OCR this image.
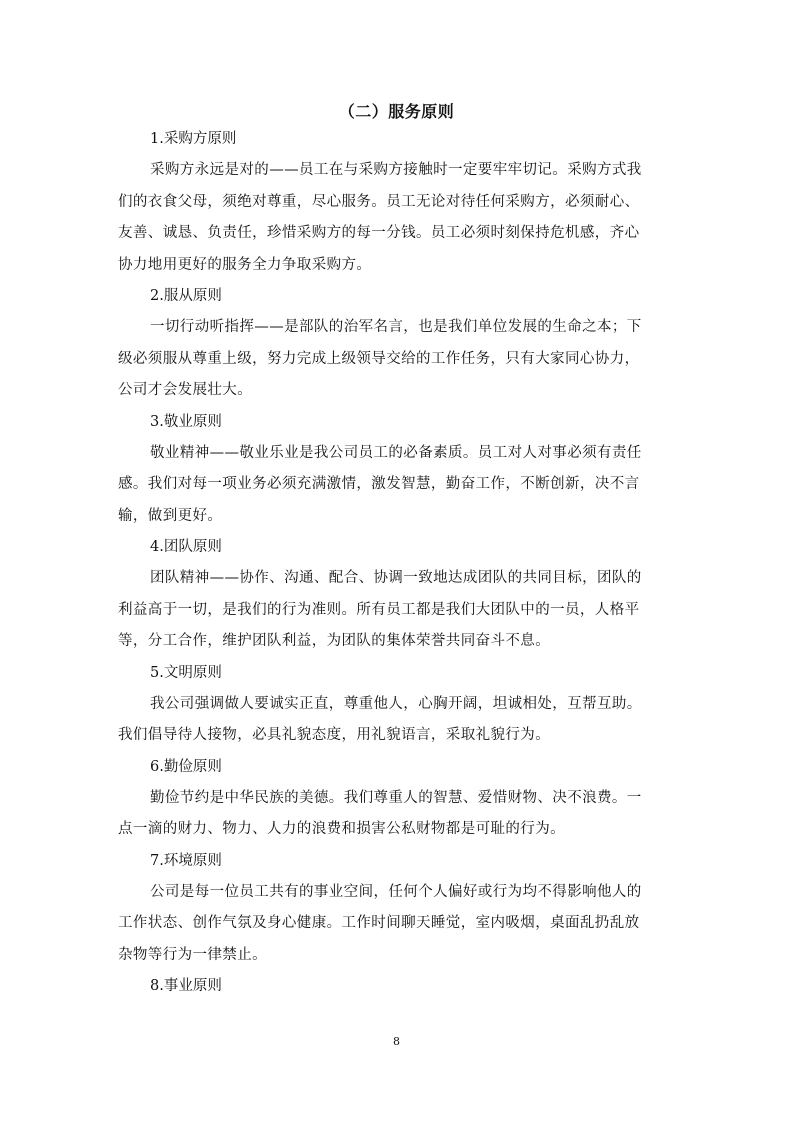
（二）服务原则

1.采购方原则

采购方永远是对的——员工在与采购方接触时一定要牢牢切记。采购方式我
们的衣食父母，须绝对尊重，尽心服务。员工无论对待任何采购方，必须耐心、
友善、诚恳、负责任，珍惜采购方的每一分钱。员工必须时刻保持危机感，齐心
协力地用更好的服务全力争取采购方。

2.服从原则

一切行动听指挥——是部队的治军名言，也是我们单位发展的生命之本；下
级必须服从尊重上级，努力完成上级领导交给的工作任务，只有大家同心协力，
公司才会发展壮大。

3.敬业原则

敬业精神——敬业乐业是我公司员工的必备素质。员工对人对事必须有责任
感。我们对每一项业务必须充满激情，激发智慧，勤奋工作，不断创新，决不言
输，做到更好。

4.团队原则

团队精神——协作、沟通、配合、协调一致地达成团队的共同目标，团队的
利益高于一切，是我们的行为准则。所有员工都是我们大团队中的一员，人格平
等，分工合作，维护团队利益，为团队的集体荣誉共同奋斗不息。

5.文明原则

我公司强调做人要诚实正直，尊重他人，心胸开阔，坦诚相处，互帮互助。
我们倡导待人接物，必具礼貌态度，用礼貌语言，采取礼貌行为。

6.勤俭原则

勤俭节约是中华民族的美德。我们尊重人的智慧、爱惜财物、决不浪费。一
点一滴的财力、物力、人力的浪费和损害公私财物都是可耻的行为。

7.环境原则

公司是每一位员工共有的事业空间，任何个人偏好或行为均不得影响他人的
工作状态、创作气氛及身心健康。工作时间聊天睡觉，室内吸烟，桌面乱扔乱放
杂物等行为一律禁止。

8.事业原则

8
